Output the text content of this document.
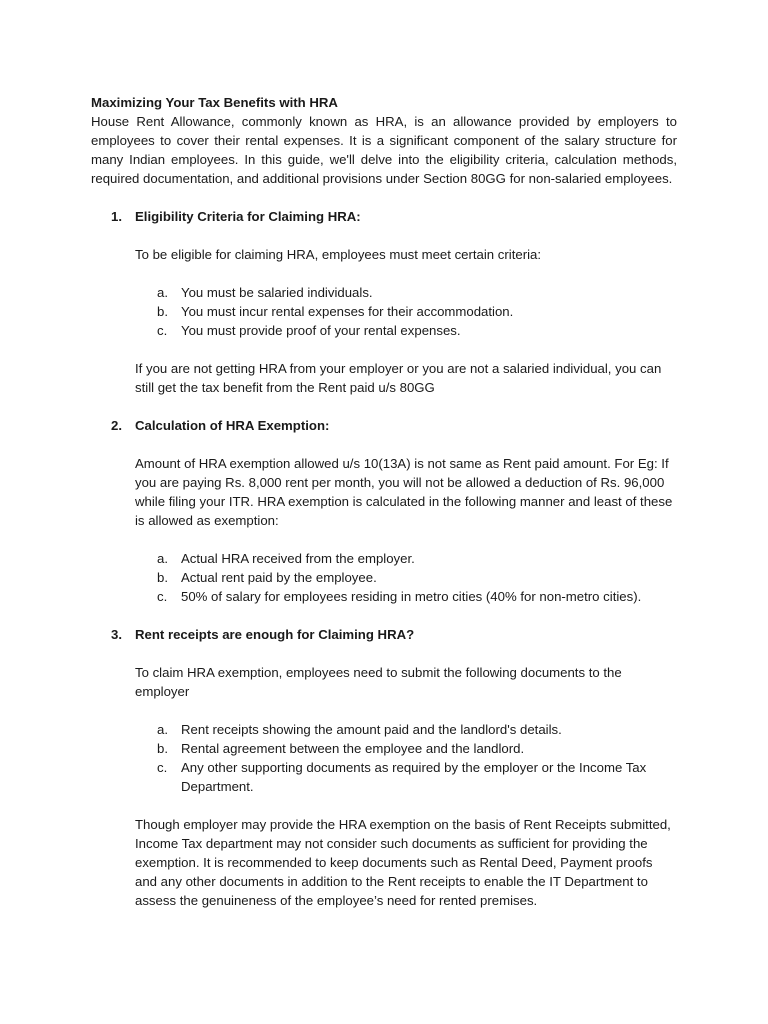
Maximizing Your Tax Benefits with HRA

House Rent Allowance, commonly known as HRA, is an allowance provided by employers to employees to cover their rental expenses. It is a significant component of the salary structure for many Indian employees. In this guide, we'll delve into the eligibility criteria, calculation methods, required documentation, and additional provisions under Section 80GG for non-salaried employees.

1. Eligibility Criteria for Claiming HRA:

To be eligible for claiming HRA, employees must meet certain criteria:

a. You must be salaried individuals.
b. You must incur rental expenses for their accommodation.
c. You must provide proof of your rental expenses.

If you are not getting HRA from your employer or you are not a salaried individual, you can still get the tax benefit from the Rent paid u/s 80GG

2. Calculation of HRA Exemption:

Amount of HRA exemption allowed u/s 10(13A) is not same as Rent paid amount. For Eg: If you are paying Rs. 8,000 rent per month, you will not be allowed a deduction of Rs. 96,000 while filing your ITR. HRA exemption is calculated in the following manner and least of these is allowed as exemption:

a. Actual HRA received from the employer.
b. Actual rent paid by the employee.
c. 50% of salary for employees residing in metro cities (40% for non-metro cities).
3. Rent receipts are enough for Claiming HRA?

To claim HRA exemption, employees need to submit the following documents to the employer

a. Rent receipts showing the amount paid and the landlord's details.
b. Rental agreement between the employee and the landlord.
c. Any other supporting documents as required by the employer or the Income Tax Department.

Though employer may provide the HRA exemption on the basis of Rent Receipts submitted, Income Tax department may not consider such documents as sufficient for providing the exemption. It is recommended to keep documents such as Rental Deed, Payment proofs and any other documents in addition to the Rent receipts to enable the IT Department to assess the genuineness of the employee’s need for rented premises.
